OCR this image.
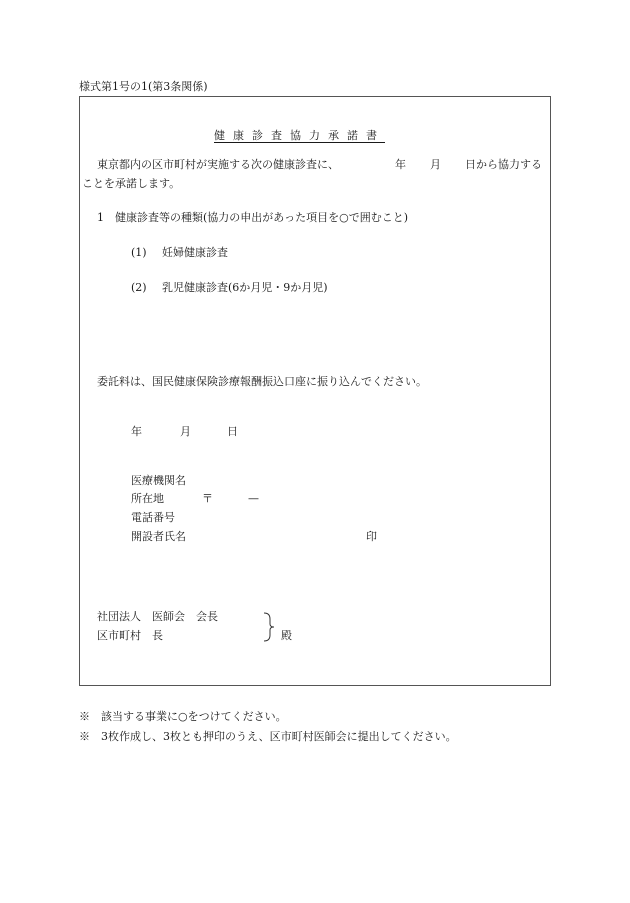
様式第1号の1(第3条関係)
健康診査協力承諾書
東京都内の区市町村が実施する次の健康診査に、	年 月 日から協力する
ことを承諾します。
1　健康診査等の種類(協力の申出があった項目を○で囲むこと)
(1) 妊婦健康診査
(2) 乳児健康診査(6か月児・9か月児)
委託料は、国民健康保険診療報酬振込口座に振り込んでください。
年	月	日
医療機関名
所在地	〒	—
電話番号
開設者氏名	印
社団法人　医師会　会長
区市町村　長	殿
※　該当する事業に○をつけてください。
※　3枚作成し、3枚とも押印のうえ、区市町村医師会に提出してください。
